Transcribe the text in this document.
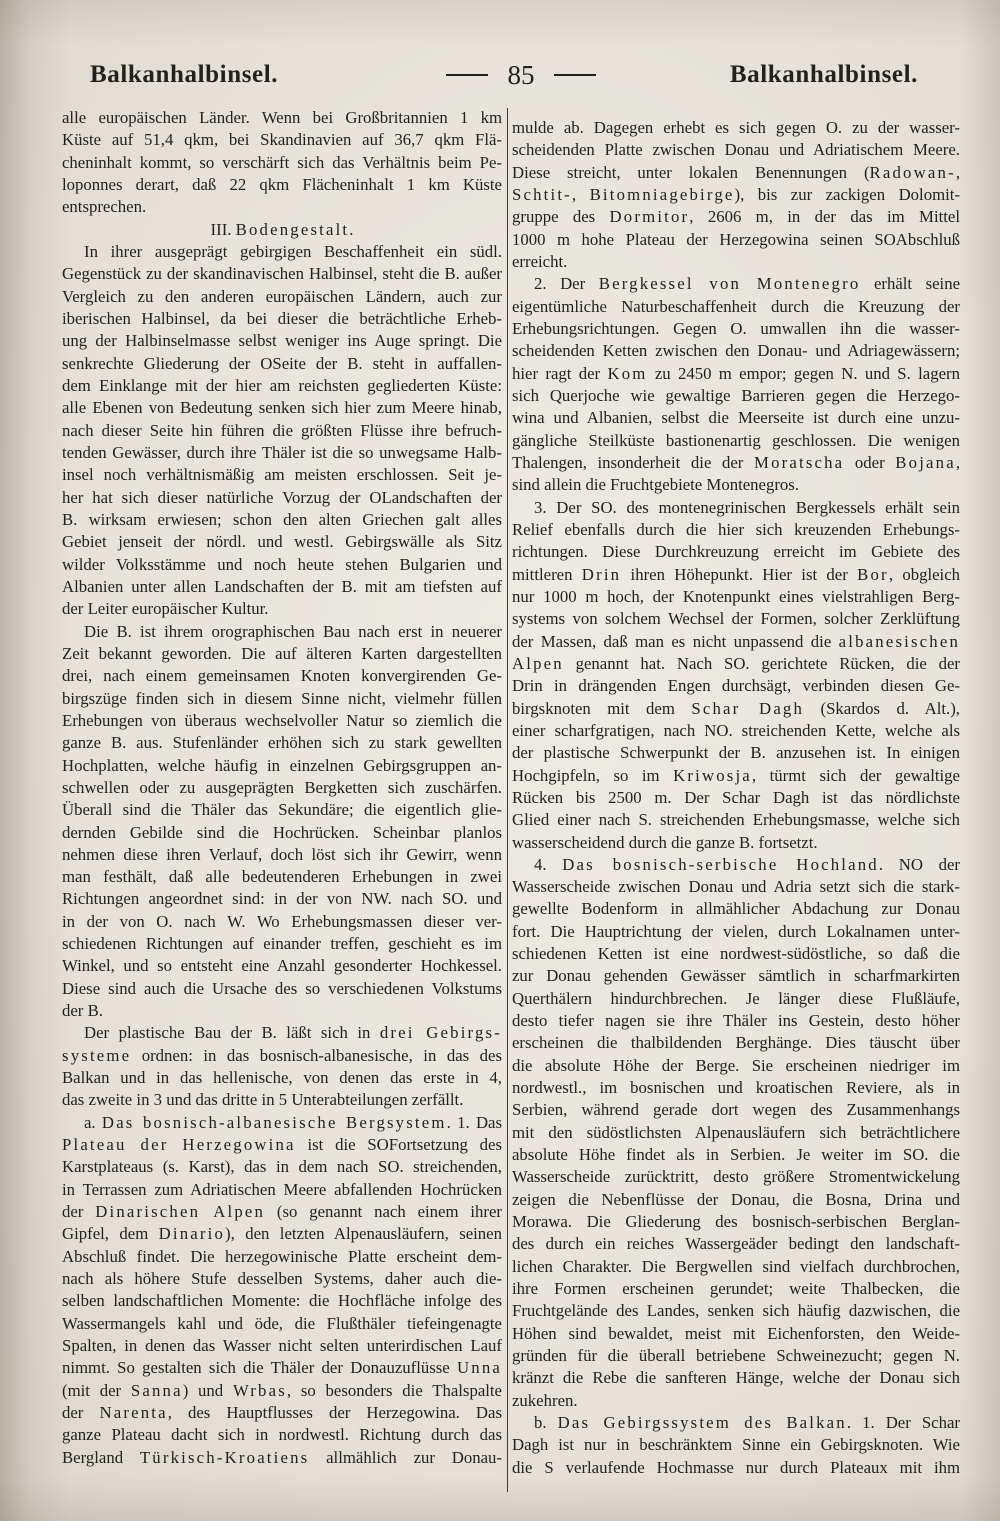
Balkanhalbinsel.	85	Balkanhalbinsel.
alle europäischen Länder. Wenn bei Großbritannien 1 km
Küste auf 51,4 qkm, bei Skandinavien auf 36,7 qkm Flä-
cheninhalt kommt, so verschärft sich das Verhältnis beim Pe-
loponnes derart, daß 22 qkm Flächeninhalt 1 km Küste
entsprechen.
III. Bodengestalt.
In ihrer ausgeprägt gebirgigen Beschaffenheit ein südl.
Gegenstück zu der skandinavischen Halbinsel, steht die B. außer
Vergleich zu den anderen europäischen Ländern, auch zur
iberischen Halbinsel, da bei dieser die beträchtliche Erheb-
ung der Halbinselmasse selbst weniger ins Auge springt. Die
senkrechte Gliederung der OSeite der B. steht in auffallen-
dem Einklange mit der hier am reichsten gegliederten Küste:
alle Ebenen von Bedeutung senken sich hier zum Meere hinab,
nach dieser Seite hin führen die größten Flüsse ihre befruch-
tenden Gewässer, durch ihre Thäler ist die so unwegsame Halb-
insel noch verhältnismäßig am meisten erschlossen. Seit je-
her hat sich dieser natürliche Vorzug der OLandschaften der
B. wirksam erwiesen; schon den alten Griechen galt alles
Gebiet jenseit der nördl. und westl. Gebirgswälle als Sitz
wilder Volksstämme und noch heute stehen Bulgarien und
Albanien unter allen Landschaften der B. mit am tiefsten auf
der Leiter europäischer Kultur.
Die B. ist ihrem orographischen Bau nach erst in neuerer
Zeit bekannt geworden. Die auf älteren Karten dargestellten
drei, nach einem gemeinsamen Knoten konvergirenden Ge-
birgszüge finden sich in diesem Sinne nicht, vielmehr füllen
Erhebungen von überaus wechselvoller Natur so ziemlich die
ganze B. aus. Stufenländer erhöhen sich zu stark gewellten
Hochplatten, welche häufig in einzelnen Gebirgsgruppen an-
schwellen oder zu ausgeprägten Bergketten sich zuschärfen.
Überall sind die Thäler das Sekundäre; die eigentlich glie-
dernden Gebilde sind die Hochrücken. Scheinbar planlos
nehmen diese ihren Verlauf, doch löst sich ihr Gewirr, wenn
man festhält, daß alle bedeutenderen Erhebungen in zwei
Richtungen angeordnet sind: in der von NW. nach SO. und
in der von O. nach W. Wo Erhebungsmassen dieser ver-
schiedenen Richtungen auf einander treffen, geschieht es im
Winkel, und so entsteht eine Anzahl gesonderter Hochkessel.
Diese sind auch die Ursache des so verschiedenen Volkstums
der B.
Der plastische Bau der B. läßt sich in drei Gebirgs-
systeme ordnen: in das bosnisch-albanesische, in das des
Balkan und in das hellenische, von denen das erste in 4,
das zweite in 3 und das dritte in 5 Unterabteilungen zerfällt.
a. Das bosnisch-albanesische Bergsystem. 1. Das
Plateau der Herzegowina ist die SOFortsetzung des
Karstplateaus (s. Karst), das in dem nach SO. streichenden,
in Terrassen zum Adriatischen Meere abfallenden Hochrücken
der Dinarischen Alpen (so genannt nach einem ihrer
Gipfel, dem Dinario), den letzten Alpenausläufern, seinen
Abschluß findet. Die herzegowinische Platte erscheint dem-
nach als höhere Stufe desselben Systems, daher auch die-
selben landschaftlichen Momente: die Hochfläche infolge des
Wassermangels kahl und öde, die Flußthäler tiefeingenagte
Spalten, in denen das Wasser nicht selten unterirdischen Lauf
nimmt. So gestalten sich die Thäler der Donauzuflüsse Unna
(mit der Sanna) und Wrbas, so besonders die Thalspalte
der Narenta, des Hauptflusses der Herzegowina. Das
ganze Plateau dacht sich in nordwestl. Richtung durch das
Bergland Türkisch-Kroatiens allmählich zur Donau-
mulde ab. Dagegen erhebt es sich gegen O. zu der wasser-
scheidenden Platte zwischen Donau und Adriatischem Meere.
Diese streicht, unter lokalen Benennungen (Radowan-,
Schtit-, Bitomniagebirge), bis zur zackigen Dolomit-
gruppe des Dormitor, 2606 m, in der das im Mittel
1000 m hohe Plateau der Herzegowina seinen SOAbschluß
erreicht.
2. Der Bergkessel von Montenegro erhält seine
eigentümliche Naturbeschaffenheit durch die Kreuzung der
Erhebungsrichtungen. Gegen O. umwallen ihn die wasser-
scheidenden Ketten zwischen den Donau- und Adriagewässern;
hier ragt der Kom zu 2450 m empor; gegen N. und S. lagern
sich Querjoche wie gewaltige Barrieren gegen die Herzego-
wina und Albanien, selbst die Meerseite ist durch eine unzu-
gängliche Steilküste bastionenartig geschlossen. Die wenigen
Thalengen, insonderheit die der Moratscha oder Bojana,
sind allein die Fruchtgebiete Montenegros.
3. Der SO. des montenegrinischen Bergkessels erhält sein
Relief ebenfalls durch die hier sich kreuzenden Erhebungs-
richtungen. Diese Durchkreuzung erreicht im Gebiete des
mittleren Drin ihren Höhepunkt. Hier ist der Bor, obgleich
nur 1000 m hoch, der Knotenpunkt eines vielstrahligen Berg-
systems von solchem Wechsel der Formen, solcher Zerklüftung
der Massen, daß man es nicht unpassend die albanesischen
Alpen genannt hat. Nach SO. gerichtete Rücken, die der
Drin in drängenden Engen durchsägt, verbinden diesen Ge-
birgsknoten mit dem Schar Dagh (Skardos d. Alt.),
einer scharfgratigen, nach NO. streichenden Kette, welche als
der plastische Schwerpunkt der B. anzusehen ist. In einigen
Hochgipfeln, so im Kriwosja, türmt sich der gewaltige
Rücken bis 2500 m. Der Schar Dagh ist das nördlichste
Glied einer nach S. streichenden Erhebungsmasse, welche sich
wasserscheidend durch die ganze B. fortsetzt.
4. Das bosnisch-serbische Hochland. NO der
Wasserscheide zwischen Donau und Adria setzt sich die stark-
gewellte Bodenform in allmählicher Abdachung zur Donau
fort. Die Hauptrichtung der vielen, durch Lokalnamen unter-
schiedenen Ketten ist eine nordwest-südöstliche, so daß die
zur Donau gehenden Gewässer sämtlich in scharfmarkirten
Querthälern hindurchbrechen. Je länger diese Flußläufe,
desto tiefer nagen sie ihre Thäler ins Gestein, desto höher
erscheinen die thalbildenden Berghänge. Dies täuscht über
die absolute Höhe der Berge. Sie erscheinen niedriger im
nordwestl., im bosnischen und kroatischen Reviere, als in
Serbien, während gerade dort wegen des Zusammenhangs
mit den südöstlichsten Alpenausläufern sich beträchtlichere
absolute Höhe findet als in Serbien. Je weiter im SO. die
Wasserscheide zurücktritt, desto größere Stromentwickelung
zeigen die Nebenflüsse der Donau, die Bosna, Drina und
Morawa. Die Gliederung des bosnisch-serbischen Berglan-
des durch ein reiches Wassergeäder bedingt den landschaft-
lichen Charakter. Die Bergwellen sind vielfach durchbrochen,
ihre Formen erscheinen gerundet; weite Thalbecken, die
Fruchtgelände des Landes, senken sich häufig dazwischen, die
Höhen sind bewaldet, meist mit Eichenforsten, den Weide-
gründen für die überall betriebene Schweinezucht; gegen N.
kränzt die Rebe die sanfteren Hänge, welche der Donau sich
zukehren.
b. Das Gebirgssystem des Balkan. 1. Der Schar
Dagh ist nur in beschränktem Sinne ein Gebirgsknoten. Wie
die S verlaufende Hochmasse nur durch Plateaux mit ihm
